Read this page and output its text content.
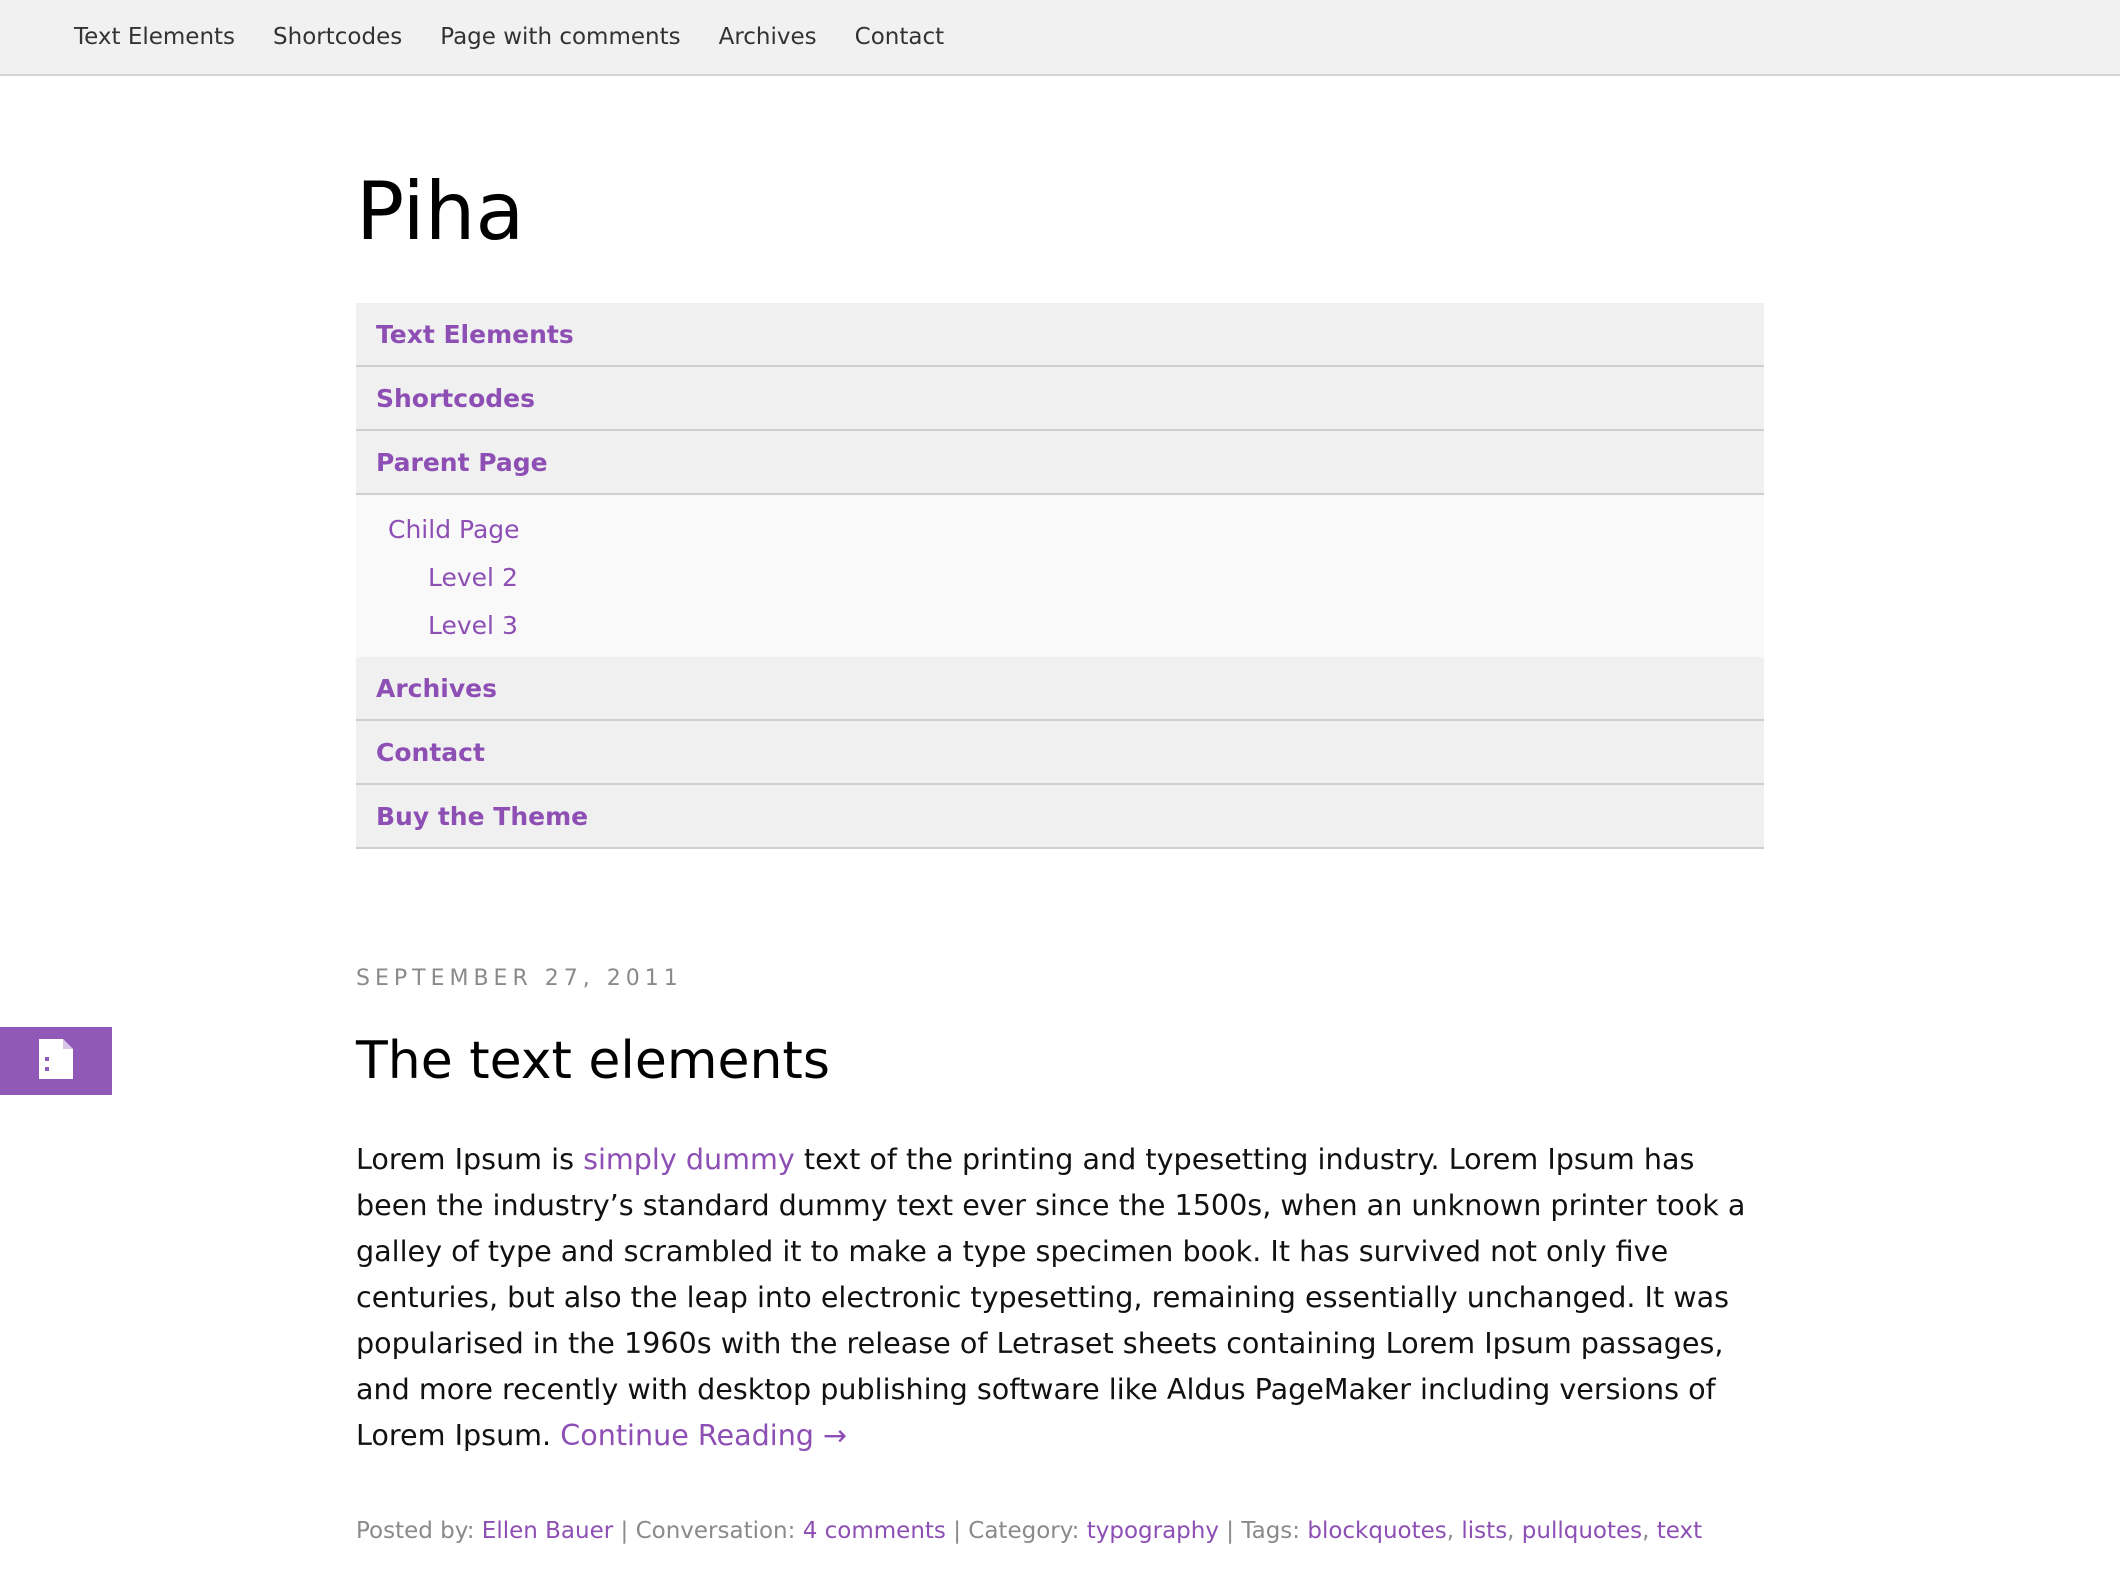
Text Elements Shortcodes Page with comments Archives Contact
Piha
Text Elements
Shortcodes
Parent Page
Child Page
Level 2
Level 3
Archives
Contact
Buy the Theme
SEPTEMBER 27, 2011
The text elements

Lorem Ipsum is simply dummy text of the printing and typesetting industry. Lorem Ipsum has been the industry’s standard dummy text ever since the 1500s, when an unknown printer took a galley of type and scrambled it to make a type specimen book. It has survived not only five centuries, but also the leap into electronic typesetting, remaining essentially unchanged. It was popularised in the 1960s with the release of Letraset sheets containing Lorem Ipsum passages, and more recently with desktop publishing software like Aldus PageMaker including versions of Lorem Ipsum. Continue Reading →

Posted by: Ellen Bauer | Conversation: 4 comments | Category: typography | Tags: blockquotes, lists, pullquotes, text
